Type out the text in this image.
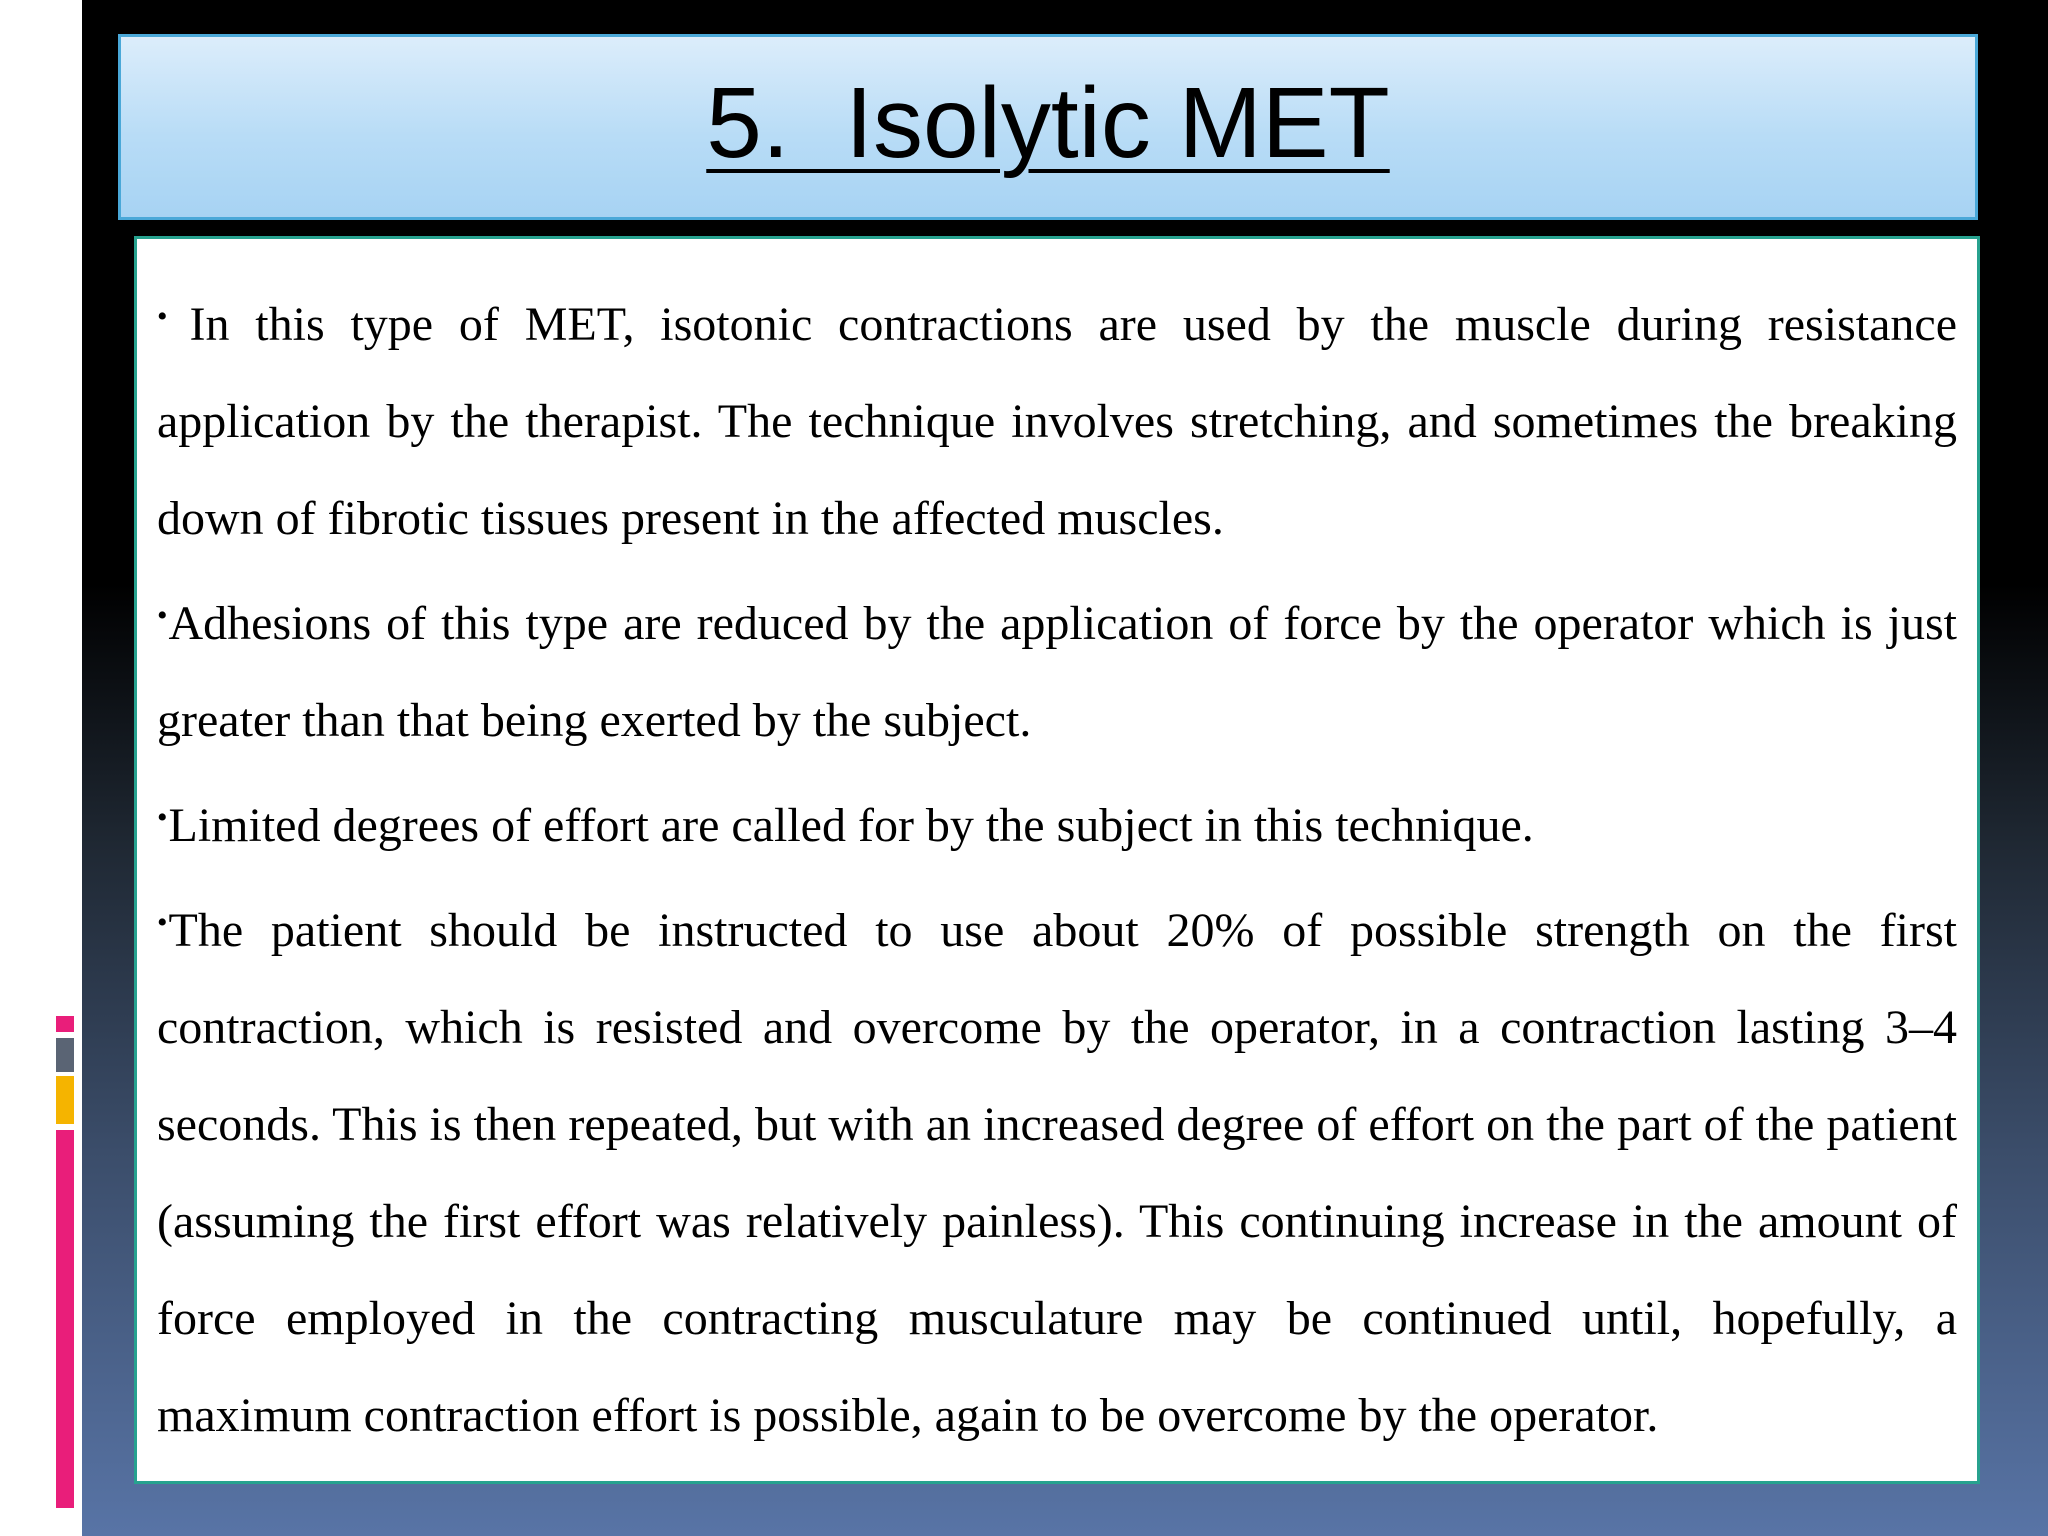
5.  Isolytic MET

• In this type of MET, isotonic contractions are used by the muscle during resistance application by the therapist. The technique involves stretching, and sometimes the breaking down of fibrotic tissues present in the affected muscles.

•Adhesions of this type are reduced by the application of force by the operator which is just greater than that being exerted by the subject.

•Limited degrees of effort are called for by the subject in this technique.

•The patient should be instructed to use about 20% of possible strength on the first contraction, which is resisted and overcome by the operator, in a contraction lasting 3–4 seconds. This is then repeated, but with an increased degree of effort on the part of the patient (assuming the first effort was relatively painless). This continuing increase in the amount of force employed in the contracting musculature may be continued until, hopefully, a maximum contraction effort is possible, again to be overcome by the operator.
